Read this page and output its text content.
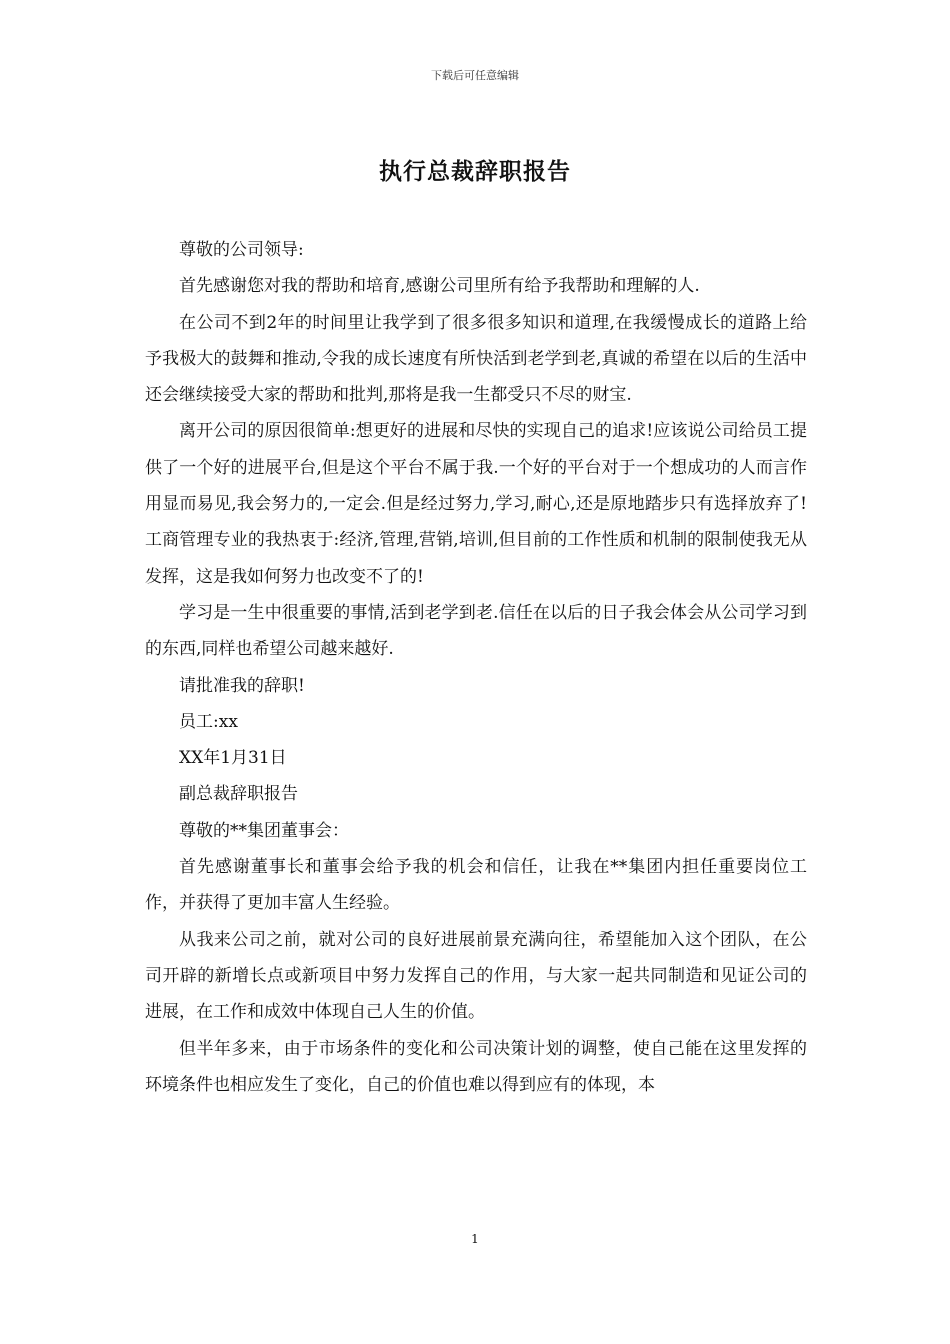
下载后可任意编辑
执行总裁辞职报告

尊敬的公司领导:

首先感谢您对我的帮助和培育,感谢公司里所有给予我帮助和理解的人.

在公司不到2年的时间里让我学到了很多很多知识和道理,在我缓慢成长的道路上给予我极大的鼓舞和推动,令我的成长速度有所快活到老学到老,真诚的希望在以后的生活中还会继续接受大家的帮助和批判,那将是我一生都受只不尽的财宝.

离开公司的原因很简单:想更好的进展和尽快的实现自己的追求!应该说公司给员工提供了一个好的进展平台,但是这个平台不属于我.一个好的平台对于一个想成功的人而言作用显而易见,我会努力的,一定会.但是经过努力,学习,耐心,还是原地踏步只有选择放弃了!工商管理专业的我热衷于:经济,管理,营销,培训,但目前的工作性质和机制的限制使我无从发挥，这是我如何努力也改变不了的!

学习是一生中很重要的事情,活到老学到老.信任在以后的日子我会体会从公司学习到的东西,同样也希望公司越来越好.

请批准我的辞职!

员工:xx

XX年1月31日

副总裁辞职报告

尊敬的**集团董事会：

首先感谢董事长和董事会给予我的机会和信任，让我在**集团内担任重要岗位工作，并获得了更加丰富人生经验。

从我来公司之前，就对公司的良好进展前景充满向往，希望能加入这个团队，在公司开辟的新增长点或新项目中努力发挥自己的作用，与大家一起共同制造和见证公司的进展，在工作和成效中体现自己人生的价值。

但半年多来，由于市场条件的变化和公司决策计划的调整，使自己能在这里发挥的环境条件也相应发生了变化，自己的价值也难以得到应有的体现，本

1
